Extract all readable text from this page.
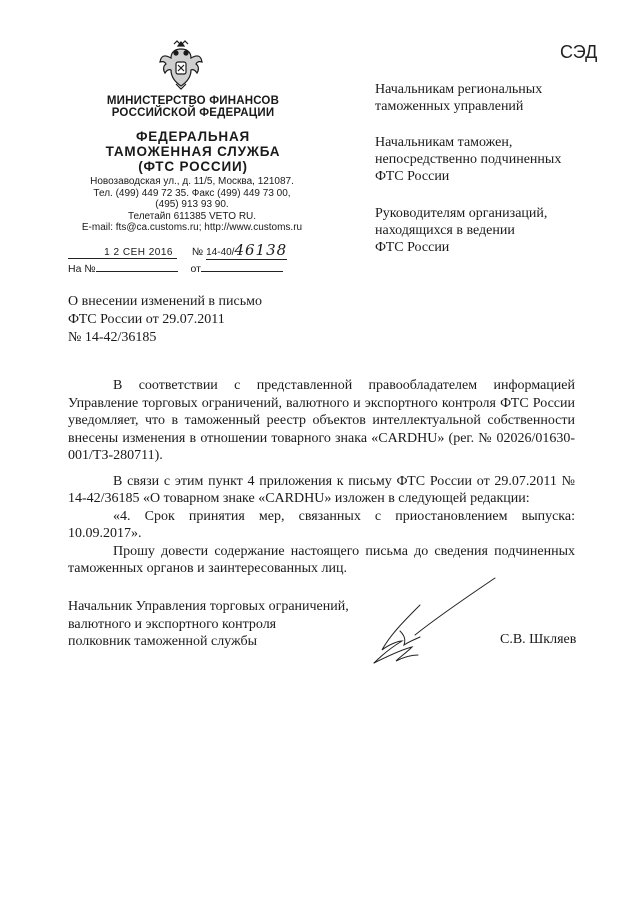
СЭД
МИНИСТЕРСТВО ФИНАНСОВ
РОССИЙСКОЙ ФЕДЕРАЦИИ
ФЕДЕРАЛЬНАЯ
ТАМОЖЕННАЯ СЛУЖБА
(ФТС РОССИИ)
Новозаводская ул., д. 11/5, Москва, 121087.
Тел. (499) 449 72 35. Факс (499) 449 73 00,
(495) 913 93 90.
Телетайп 611385 VETO RU.
E-mail: fts@ca.customs.ru; http://www.customs.ru
1 2 СЕН 2016 № 14-40/46138
На №	от
Начальникам региональных
таможенных управлений
Начальникам таможен,
непосредственно подчиненных
ФТС России
Руководителям организаций,
находящихся в ведении
ФТС России
О внесении изменений в письмо
ФТС России от 29.07.2011
№ 14-42/36185

В соответствии с представленной правообладателем информацией Управление торговых ограничений, валютного и экспортного контроля ФТС России уведомляет, что в таможенный реестр объектов интеллектуальной собственности внесены изменения в отношении товарного знака «CARDHU» (рег. № 02026/01630-001/ТЗ-280711).

В связи с этим пункт 4 приложения к письму ФТС России от 29.07.2011 № 14-42/36185 «О товарном знаке «CARDHU» изложен в следующей редакции:

«4. Срок принятия мер, связанных с приостановлением выпуска: 10.09.2017».

Прошу довести содержание настоящего письма до сведения подчиненных таможенных органов и заинтересованных лиц.

Начальник Управления торговых ограничений,
валютного и экспортного контроля
полковник таможенной службы	С.В. Шкляев
